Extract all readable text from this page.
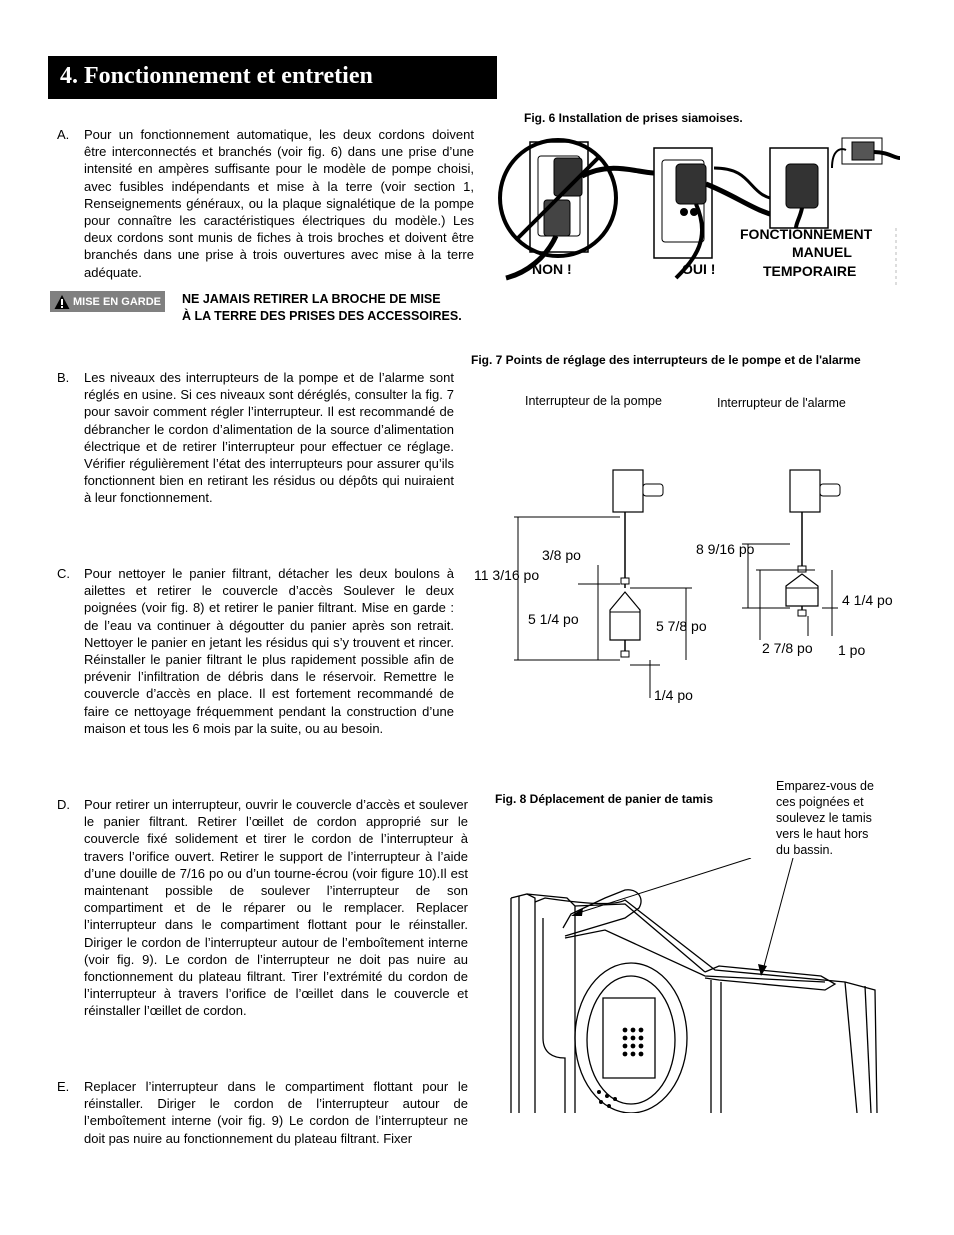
4. Fonctionnement et entretien
A. Pour un fonctionnement automatique, les deux cordons doivent être interconnectés et branchés (voir fig. 6) dans une prise d’une intensité en ampères suffisante pour le modèle de pompe choisi, avec fusibles indépendants et mise à la terre (voir section 1, Renseignements généraux, ou la plaque signalétique de la pompe pour connaître les caractéristiques électriques du modèle.) Les deux cordons sont munis de fiches à trois broches et doivent être branchés dans une prise à trois ouvertures avec mise à la terre adéquate.
MISE EN GARDE NE JAMAIS RETIRER LA BROCHE DE MISE
À LA TERRE DES PRISES DES ACCESSOIRES.
B. Les niveaux des interrupteurs de la pompe et de l’alarme sont réglés en usine. Si ces niveaux sont déréglés, consulter la fig. 7 pour savoir comment régler l’interrupteur. Il est recommandé de débrancher le cordon d’alimentation de la source d’alimentation électrique et de retirer l’interrupteur pour effectuer ce réglage. Vérifier régulièrement l’état des interrupteurs pour assurer qu’ils fonctionnent bien en retirant les résidus ou dépôts qui nuiraient à leur fonctionnement.
C. Pour nettoyer le panier filtrant, détacher les deux boulons à ailettes et retirer le couvercle d’accès Soulever le deux poignées (voir fig. 8) et retirer le panier filtrant. Mise en garde : de l’eau va continuer à dégoutter du panier après son retrait. Nettoyer le panier en jetant les résidus qui s’y trouvent et rincer. Réinstaller le panier filtrant le plus rapidement possible afin de prévenir l’infiltration de débris dans le réservoir. Remettre le couvercle d’accès en place. Il est fortement recommandé de faire ce nettoyage fréquemment pendant la construction d’une maison et tous les 6 mois par la suite, ou au besoin.
D. Pour retirer un interrupteur, ouvrir le couvercle d’accès et soulever le panier filtrant. Retirer l’œillet de cordon approprié sur le couvercle fixé solidement et tirer le cordon de l’interrupteur à travers l’orifice ouvert. Retirer le support de l’interrupteur à l’aide d’une douille de 7/16 po ou d’un tourne-écrou (voir figure 10).Il est maintenant possible de soulever l’interrupteur de son compartiment et de le réparer ou le remplacer. Replacer l’interrupteur dans le compartiment flottant pour le réinstaller. Diriger le cordon de l’interrupteur autour de l’emboîtement interne (voir fig. 9). Le cordon de l’interrupteur ne doit pas nuire au fonctionnement du plateau filtrant. Tirer l’extrémité du cordon de l’interrupteur à travers l’orifice de l’œillet dans le couvercle et réinstaller l’œillet de cordon.
E. Replacer l’interrupteur dans le compartiment flottant pour le réinstaller. Diriger le cordon de l’interrupteur autour de l’emboîtement interne (voir fig. 9) Le cordon de l’interrupteur ne doit pas nuire au fonctionnement du plateau filtrant. Fixer
Fig. 6 Installation de prises siamoises.
NON !	OUI !
FONCTIONNEMENT
MANUEL
TEMPORAIRE
Fig. 7 Points de réglage des interrupteurs de le pompe et de l'alarme
Interrupteur de la pompe	Interrupteur de l'alarme
3/8 po
11 3/16 po
5 1/4 po	5 7/8 po
1/4 po
8 9/16 po
4 1/4 po
2 7/8 po 1 po
Fig. 8 Déplacement de panier de tamis
Emparez-vous de
ces poignées et
soulevez le tamis
vers le haut hors
du bassin.
